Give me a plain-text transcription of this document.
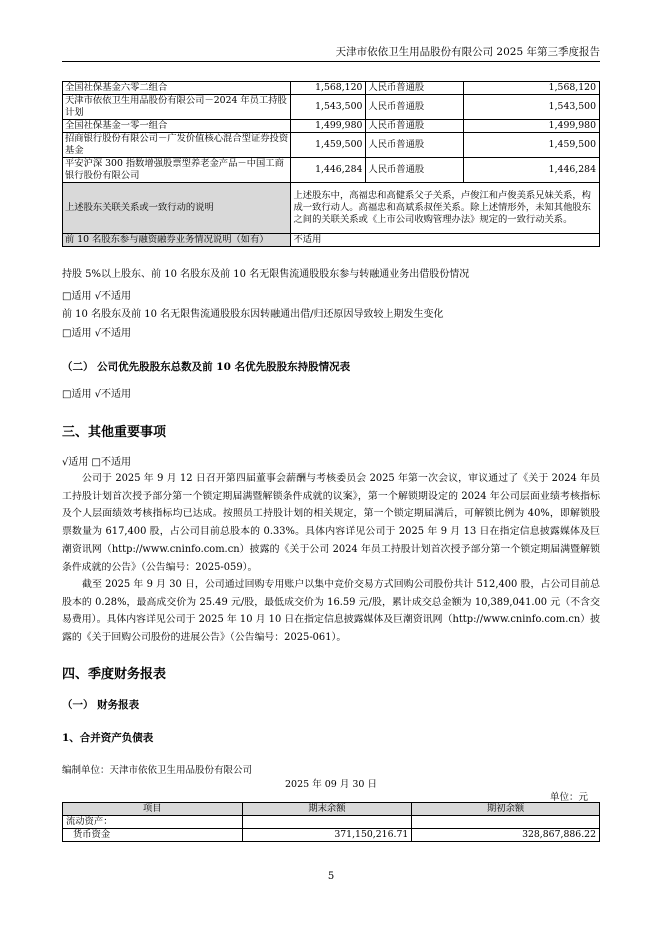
天津市依依卫生用品股份有限公司 2025 年第三季度报告
全国社保基金六零二组合	1,568,120	人民币普通股	1,568,120
天津市依依卫生用品股份有限公司－2024 年员工持股计划	1,543,500	人民币普通股	1,543,500
全国社保基金一零一组合	1,499,980	人民币普通股	1,499,980
招商银行股份有限公司－广发价值核心混合型证券投资基金	1,459,500	人民币普通股	1,459,500
平安沪深 300 指数增强股票型养老金产品－中国工商银行股份有限公司	1,446,284	人民币普通股	1,446,284
上述股东关联关系或一致行动的说明	上述股东中，高福忠和高健系父子关系，卢俊江和卢俊美系兄妹关系，构成一致行动人。高福忠和高斌系叔侄关系。除上述情形外，未知其他股东之间的关联关系或《上市公司收购管理办法》规定的一致行动关系。		
前 10 名股东参与融资融券业务情况说明（如有）	不适用		
持股 5%以上股东、前 10 名股东及前 10 名无限售流通股股东参与转融通业务出借股份情况
□适用 √不适用
前 10 名股东及前 10 名无限售流通股股东因转融通出借/归还原因导致较上期发生变化
□适用 √不适用
（二） 公司优先股股东总数及前 10 名优先股股东持股情况表
□适用 √不适用
三、其他重要事项
√适用 □不适用
公司于 2025 年 9 月 12 日召开第四届董事会薪酬与考核委员会 2025 年第一次会议，审议通过了《关于 2024 年员工持股计划首次授予部分第一个锁定期届满暨解锁条件成就的议案》，第一个解锁期设定的 2024 年公司层面业绩考核指标及个人层面绩效考核指标均已达成。按照员工持股计划的相关规定，第一个锁定期届满后，可解锁比例为 40%，即解锁股票数量为 617,400 股，占公司目前总股本的 0.33%。具体内容详见公司于 2025 年 9 月 13 日在指定信息披露媒体及巨潮资讯网（http://www.cninfo.com.cn）披露的《关于公司 2024 年员工持股计划首次授予部分第一个锁定期届满暨解锁条件成就的公告》（公告编号：2025-059）。
截至 2025 年 9 月 30 日，公司通过回购专用账户以集中竞价交易方式回购公司股份共计 512,400 股，占公司目前总股本的 0.28%，最高成交价为 25.49 元/股，最低成交价为 16.59 元/股，累计成交总金额为 10,389,041.00 元（不含交易费用）。具体内容详见公司于 2025 年 10 月 10 日在指定信息披露媒体及巨潮资讯网（http://www.cninfo.com.cn）披露的《关于回购公司股份的进展公告》（公告编号：2025-061）。
四、季度财务报表
（一） 财务报表
1、合并资产负债表
编制单位：天津市依依卫生用品股份有限公司
2025 年 09 月 30 日
单位：元
项目	期末余额	期初余额
流动资产：		
货币资金	371,150,216.71	328,867,886.22
5
